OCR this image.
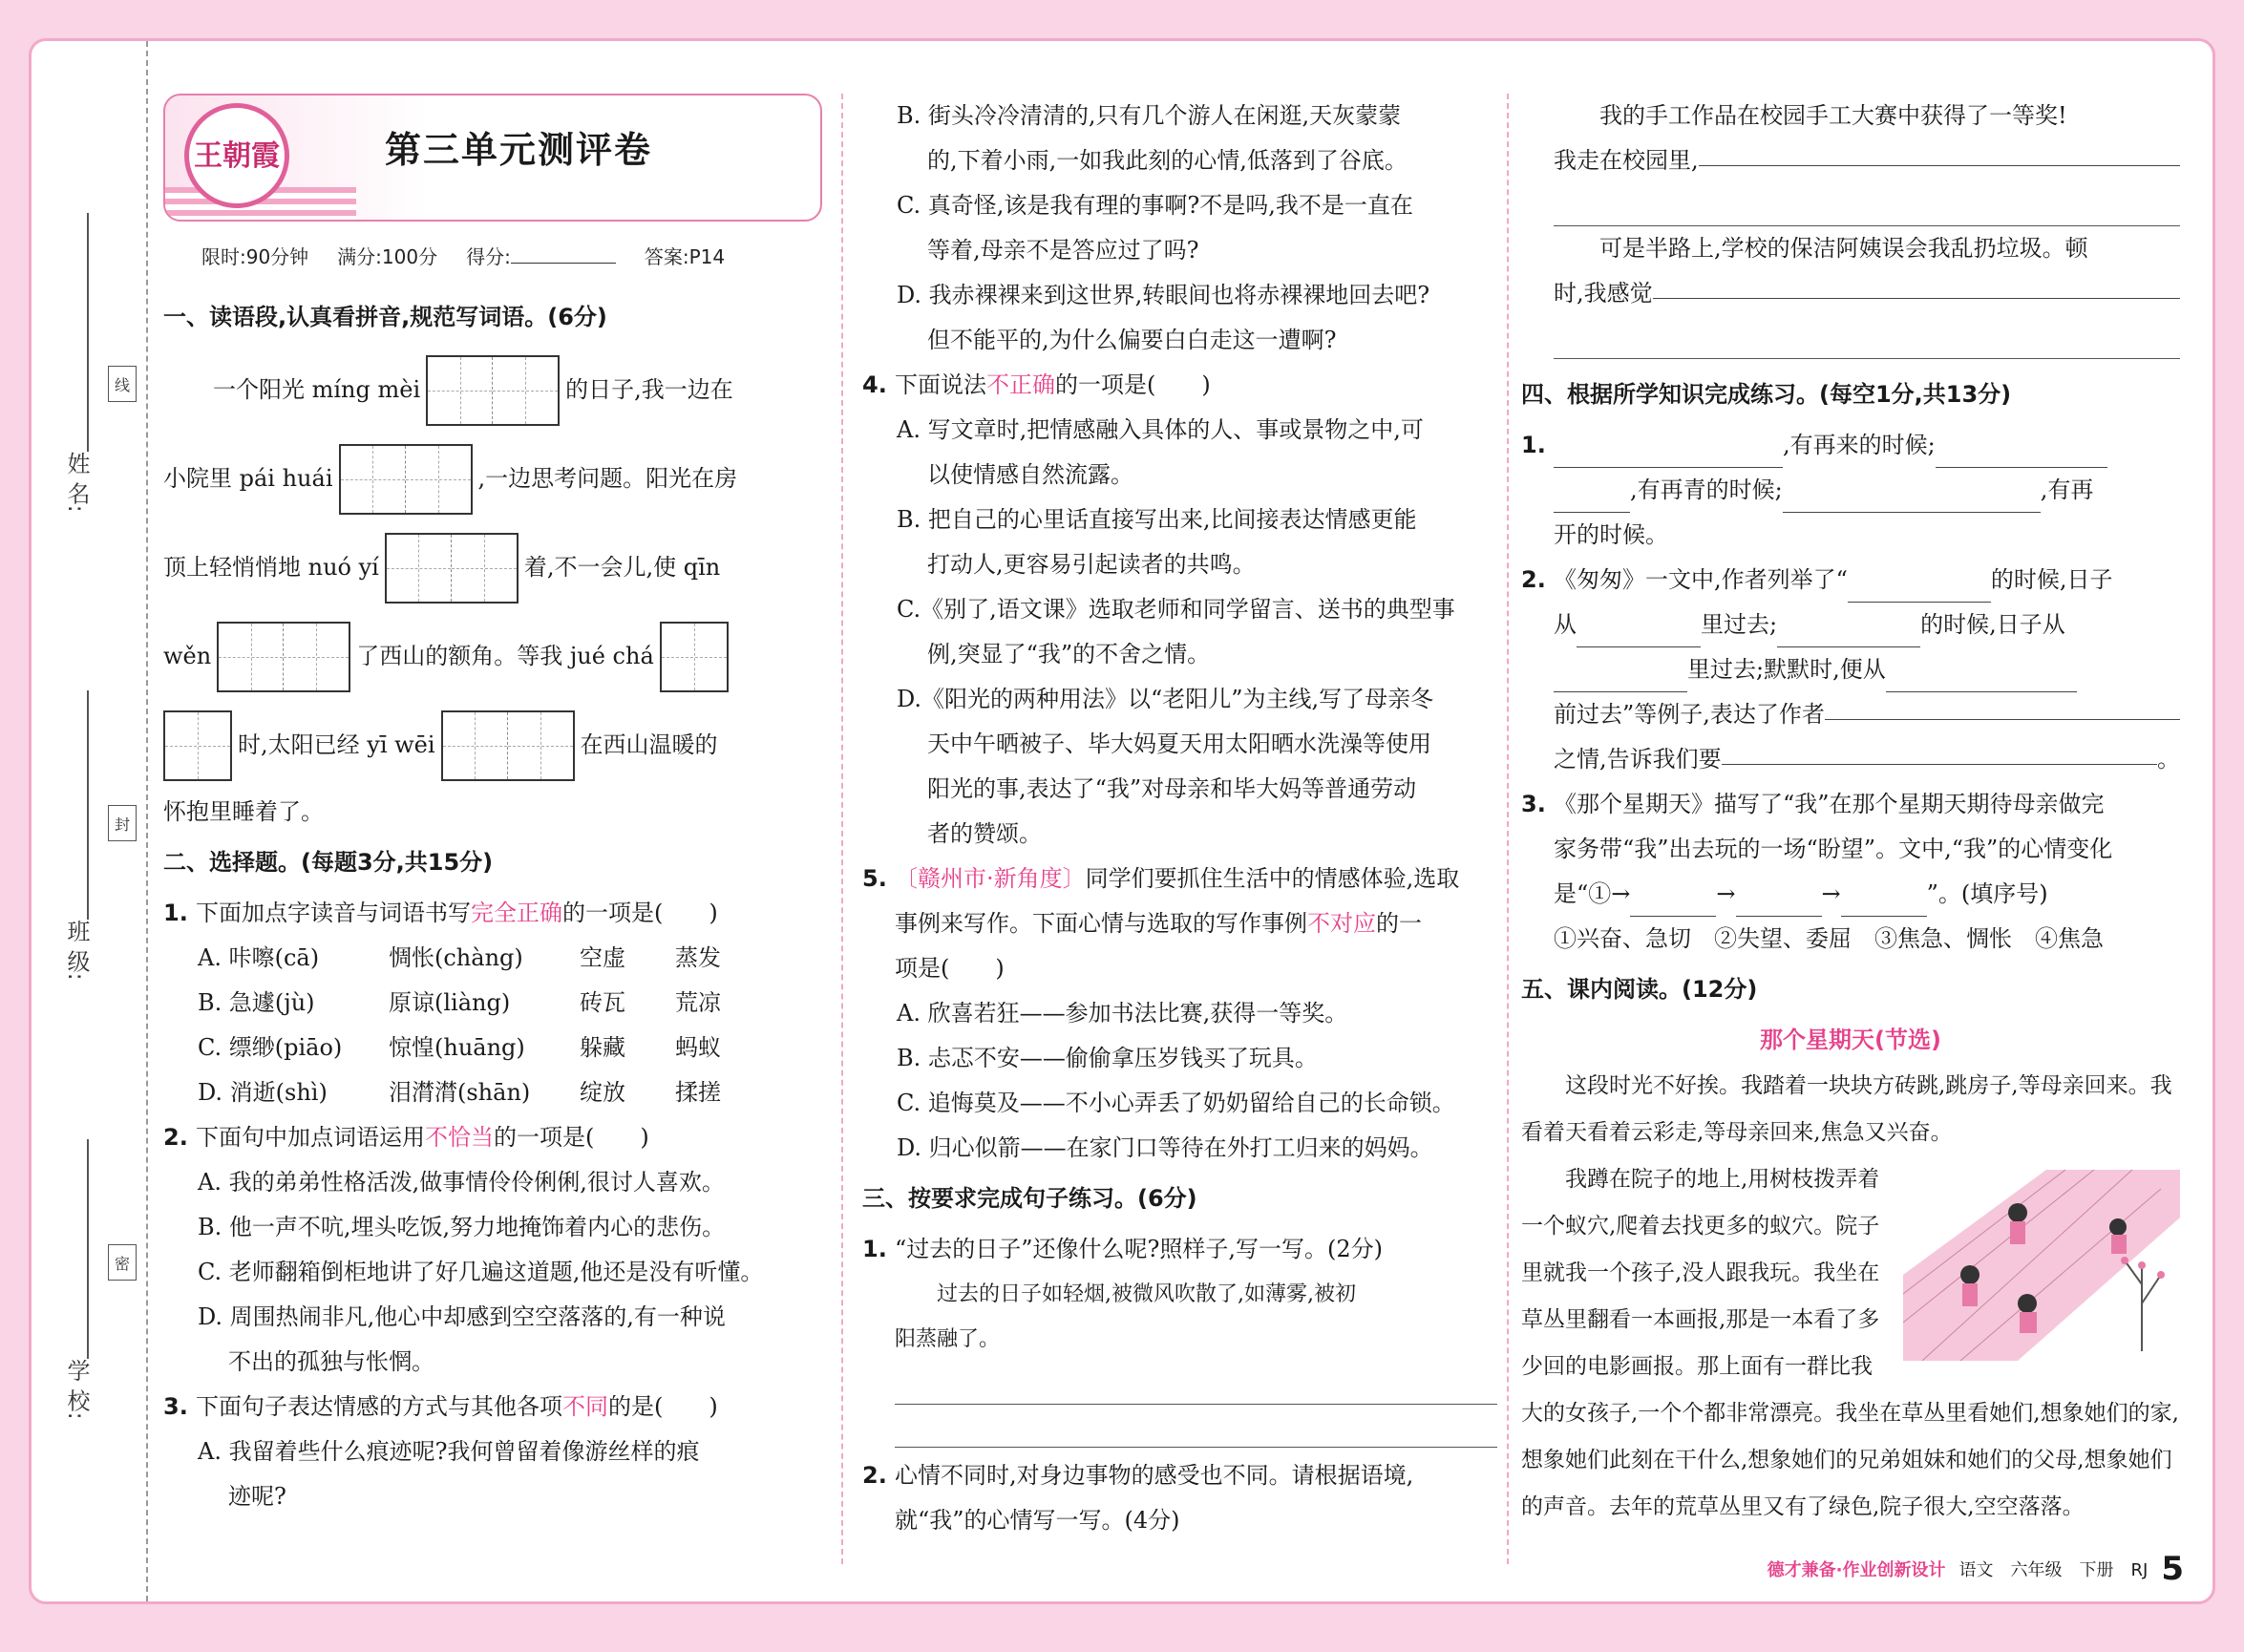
姓 名:
线
班 级:
封
学 校:
密
王朝霞	第三单元测评卷
限时:90分钟 满分:100分 得分:	答案:P14
一、读语段,认真看拼音,规范写词语。(6分)
一个阳光 míng mèi	的日子,我一边在
小院里 pái huái	,一边思考问题。阳光在房
顶上轻悄悄地 nuó yí	着,不一会儿,使 qīn
wěn	了西山的额角。等我 jué chá
时,太阳已经 yī wēi	在西山温暖的
怀抱里睡着了。
二、选择题。(每题3分,共15分)
1. 下面加点字读音与词语书写完全正确的一项是(　　)
A. 咔嚓(cā)	惆怅(chàng)	空虚	蒸发
B. 急遽(jù)	原谅(liàng)	砖瓦	荒凉
C. 缥缈(piāo)	惊惶(huāng)	躲藏	蚂蚁
D. 消逝(shì)	泪潸潸(shān)	绽放	揉搓
2. 下面句中加点词语运用不恰当的一项是(　　)
A. 我的弟弟性格活泼,做事情伶伶俐俐,很讨人喜欢。
B. 他一声不吭,埋头吃饭,努力地掩饰着内心的悲伤。
C. 老师翻箱倒柜地讲了好几遍这道题,他还是没有听懂。
D. 周围热闹非凡,他心中却感到空空落落的,有一种说
不出的孤独与怅惘。
3. 下面句子表达情感的方式与其他各项不同的是(　　)
A. 我留着些什么痕迹呢?我何曾留着像游丝样的痕
迹呢?
B. 街头冷冷清清的,只有几个游人在闲逛,天灰蒙蒙
的,下着小雨,一如我此刻的心情,低落到了谷底。
C. 真奇怪,该是我有理的事啊?不是吗,我不是一直在
等着,母亲不是答应过了吗?
D. 我赤裸裸来到这世界,转眼间也将赤裸裸地回去吧?
但不能平的,为什么偏要白白走这一遭啊?
4. 下面说法不正确的一项是(　　)
A. 写文章时,把情感融入具体的人、事或景物之中,可
以使情感自然流露。
B. 把自己的心里话直接写出来,比间接表达情感更能
打动人,更容易引起读者的共鸣。
C.《别了,语文课》选取老师和同学留言、送书的典型事
例,突显了“我”的不舍之情。
D.《阳光的两种用法》以“老阳儿”为主线,写了母亲冬
天中午晒被子、毕大妈夏天用太阳晒水洗澡等使用
阳光的事,表达了“我”对母亲和毕大妈等普通劳动
者的赞颂。
5. 〔赣州市·新角度〕同学们要抓住生活中的情感体验,选取
事例来写作。下面心情与选取的写作事例不对应的一
项是(　　)
A. 欣喜若狂——参加书法比赛,获得一等奖。
B. 忐忑不安——偷偷拿压岁钱买了玩具。
C. 追悔莫及——不小心弄丢了奶奶留给自己的长命锁。
D. 归心似箭——在家门口等待在外打工归来的妈妈。
三、按要求完成句子练习。(6分)
1. “过去的日子”还像什么呢?照样子,写一写。(2分)
过去的日子如轻烟,被微风吹散了,如薄雾,被初
阳蒸融了。
2. 心情不同时,对身边事物的感受也不同。请根据语境,
就“我”的心情写一写。(4分)
我的手工作品在校园手工大赛中获得了一等奖!
我走在校园里,
可是半路上,学校的保洁阿姨误会我乱扔垃圾。顿
时,我感觉
四、根据所学知识完成练习。(每空1分,共13分)
1.	,有再来的时候;
,有再青的时候;	,有再
开的时候。
2. 《匆匆》一文中,作者列举了“	的时候,日子
从	里过去;	的时候,日子从
里过去;默默时,便从
前过去”等例子,表达了作者
之情,告诉我们要	。
3. 《那个星期天》描写了“我”在那个星期天期待母亲做完
家务带“我”出去玩的一场“盼望”。文中,“我”的心情变化
是“①→	→	→	”。(填序号)
①兴奋、急切　②失望、委屈　③焦急、惆怅　④焦急
五、课内阅读。(12分)
那个星期天(节选)
这段时光不好挨。我踏着一块块方砖跳,跳房子,等母亲回来。我看着天看着云彩走,等母亲回来,焦急又兴奋。
我蹲在院子的地上,用树枝拨弄着一个蚁穴,爬着去找更多的蚁穴。院子里就我一个孩子,没人跟我玩。我坐在草丛里翻看一本画报,那是一本看了多少回的电影画报。那上面有一群比我大的女孩子,一个个都非常漂亮。我坐在草丛里看她们,想象她们的家,想象她们此刻在干什么,想象她们的兄弟姐妹和她们的父母,想象她们的声音。去年的荒草丛里又有了绿色,院子很大,空空落落。
德才兼备·作业创新设计 语文　六年级　下册　RJ 5
